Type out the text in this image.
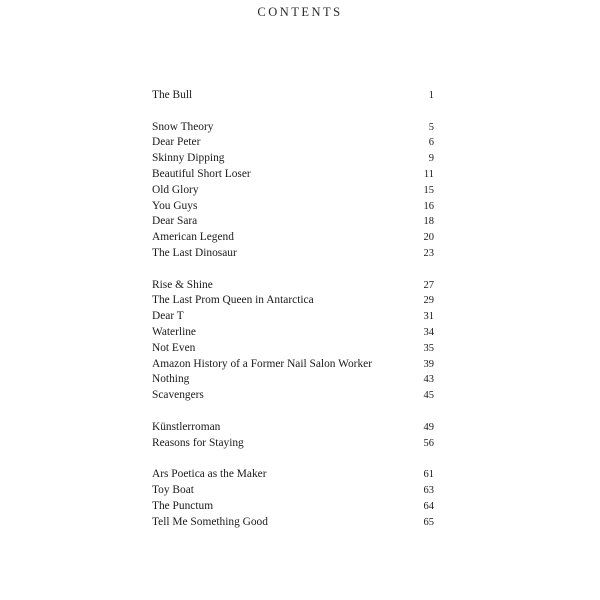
CONTENTS
The Bull	1
Snow Theory	5
Dear Peter	6
Skinny Dipping	9
Beautiful Short Loser	11
Old Glory	15
You Guys	16
Dear Sara	18
American Legend	20
The Last Dinosaur	23
Rise & Shine	27
The Last Prom Queen in Antarctica	29
Dear T	31
Waterline	34
Not Even	35
Amazon History of a Former Nail Salon Worker	39
Nothing	43
Scavengers	45
Künstlerroman	49
Reasons for Staying	56
Ars Poetica as the Maker	61
Toy Boat	63
The Punctum	64
Tell Me Something Good	65
